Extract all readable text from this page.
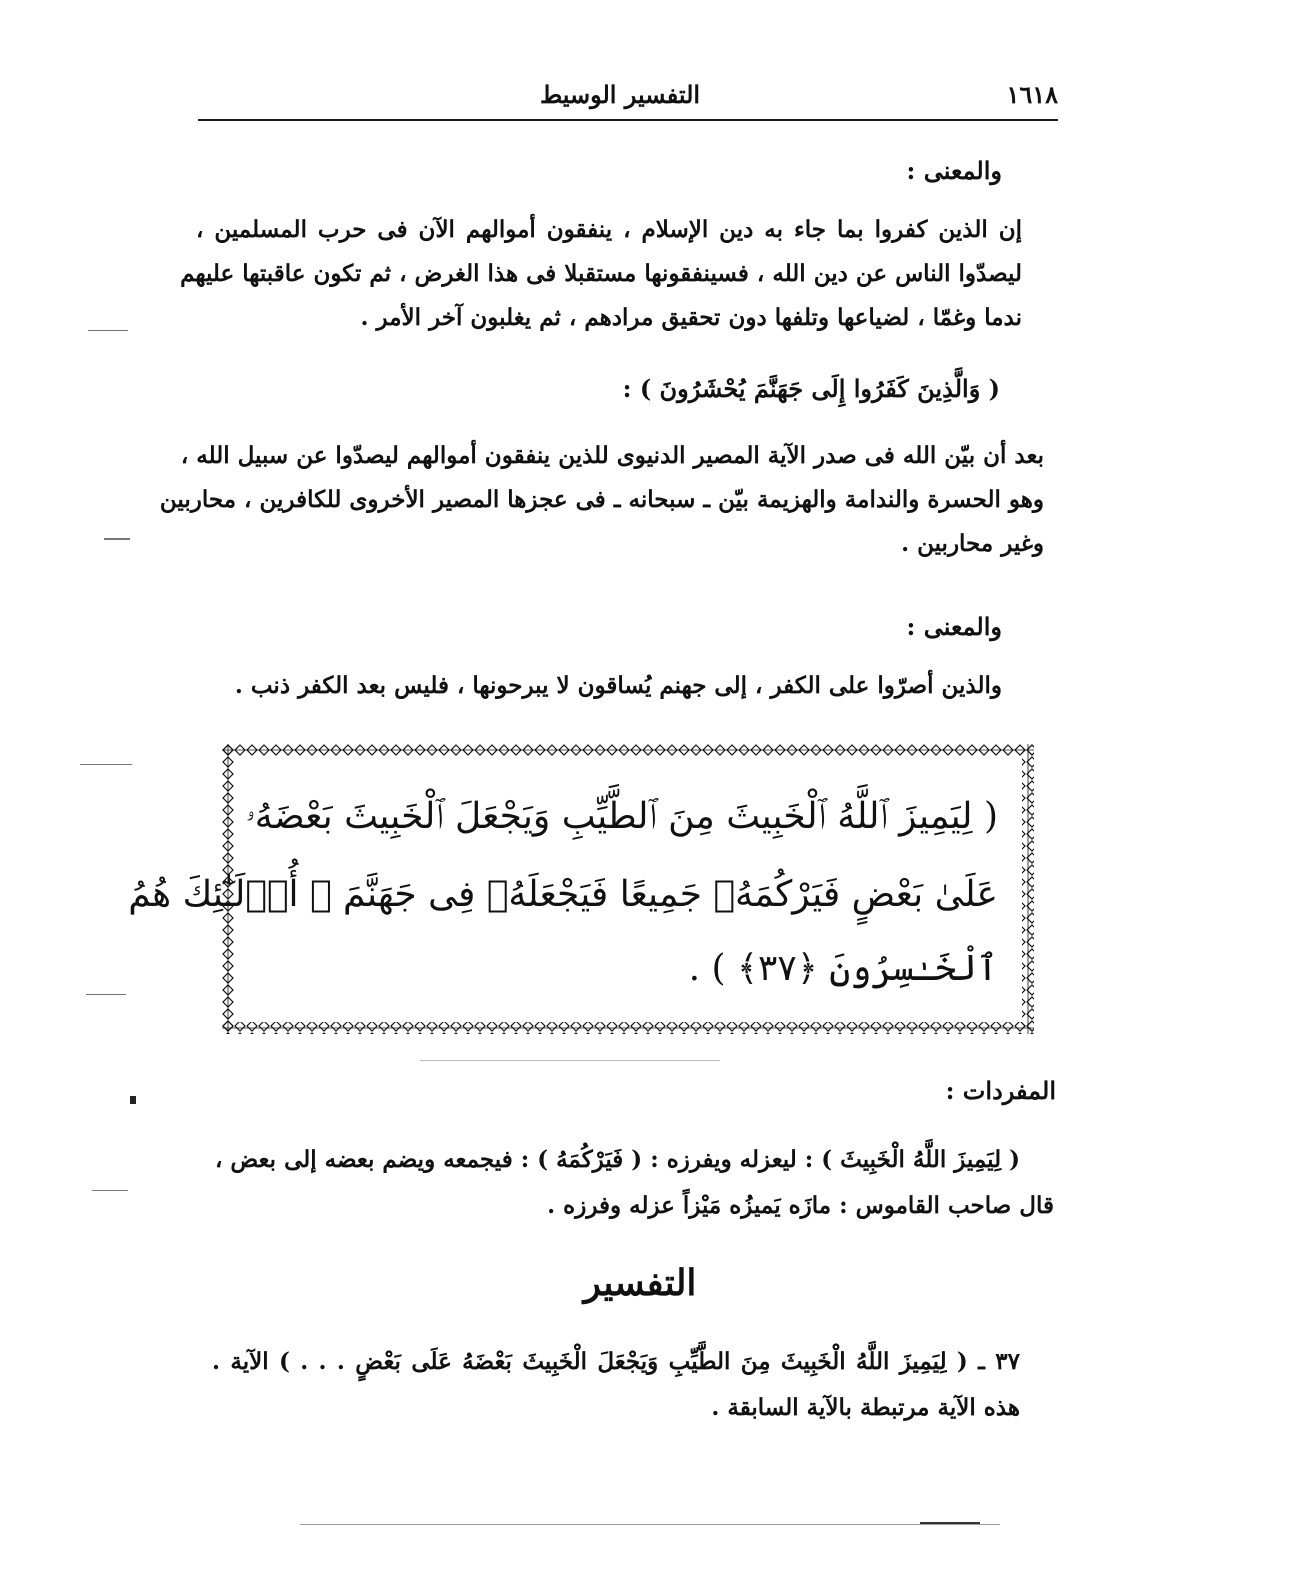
١٦١٨
التفسير الوسيط
والمعنى :
إن الذين كفروا بما جاء به دين الإسلام ، ينفقون أموالهم الآن فى حرب المسلمين ،
ليصدّوا الناس عن دين الله ، فسينفقونها مستقبلا فى هذا الغرض ، ثم تكون عاقبتها عليهم
ندما وغمّا ، لضياعها وتلفها دون تحقيق مرادهم ، ثم يغلبون آخر الأمر .
( وَالَّذِينَ كَفَرُوا إِلَى جَهَنَّمَ يُحْشَرُونَ ) :
بعد أن بيّن الله فى صدر الآية المصير الدنيوى للذين ينفقون أموالهم ليصدّوا عن سبيل الله ،
وهو الحسرة والندامة والهزيمة بيّن ـ سبحانه ـ فى عجزها المصير الأخروى للكافرين ، محاربين
وغير محاربين .
والمعنى :
والذين أصرّوا على الكفر ، إلى جهنم يُساقون لا يبرحونها ، فليس بعد الكفر ذنب .
( لِيَمِيزَ ٱللَّهُ ٱلْخَبِيثَ مِنَ ٱلطَّيِّبِ وَيَجْعَلَ ٱلْخَبِيثَ بَعْضَهُۥ
عَلَىٰ بَعْضٍ فَيَرْكُمَهُۥ جَمِيعًا فَيَجْعَلَهُۥ فِى جَهَنَّمَ ۚ أُو۟لَـٰٓئِكَ هُمُ
ٱلْخَـٰسِرُونَ ﴿٣٧﴾ ) .
المفردات :
( لِيَمِيزَ اللَّهُ الْخَبِيثَ ) : ليعزله ويفرزه : ( فَيَرْكُمَهُ ) : فيجمعه ويضم بعضه إلى بعض ،
قال صاحب القاموس : مازَه يَميزُه مَيْزاً عزله وفرزه .
التفسير
٣٧ ـ ( لِيَمِيزَ اللَّهُ الْخَبِيثَ مِنَ الطَّيِّبِ وَيَجْعَلَ الْخَبِيثَ بَعْضَهُ عَلَى بَعْضٍ . . . ) الآية .
هذه الآية مرتبطة بالآية السابقة .
